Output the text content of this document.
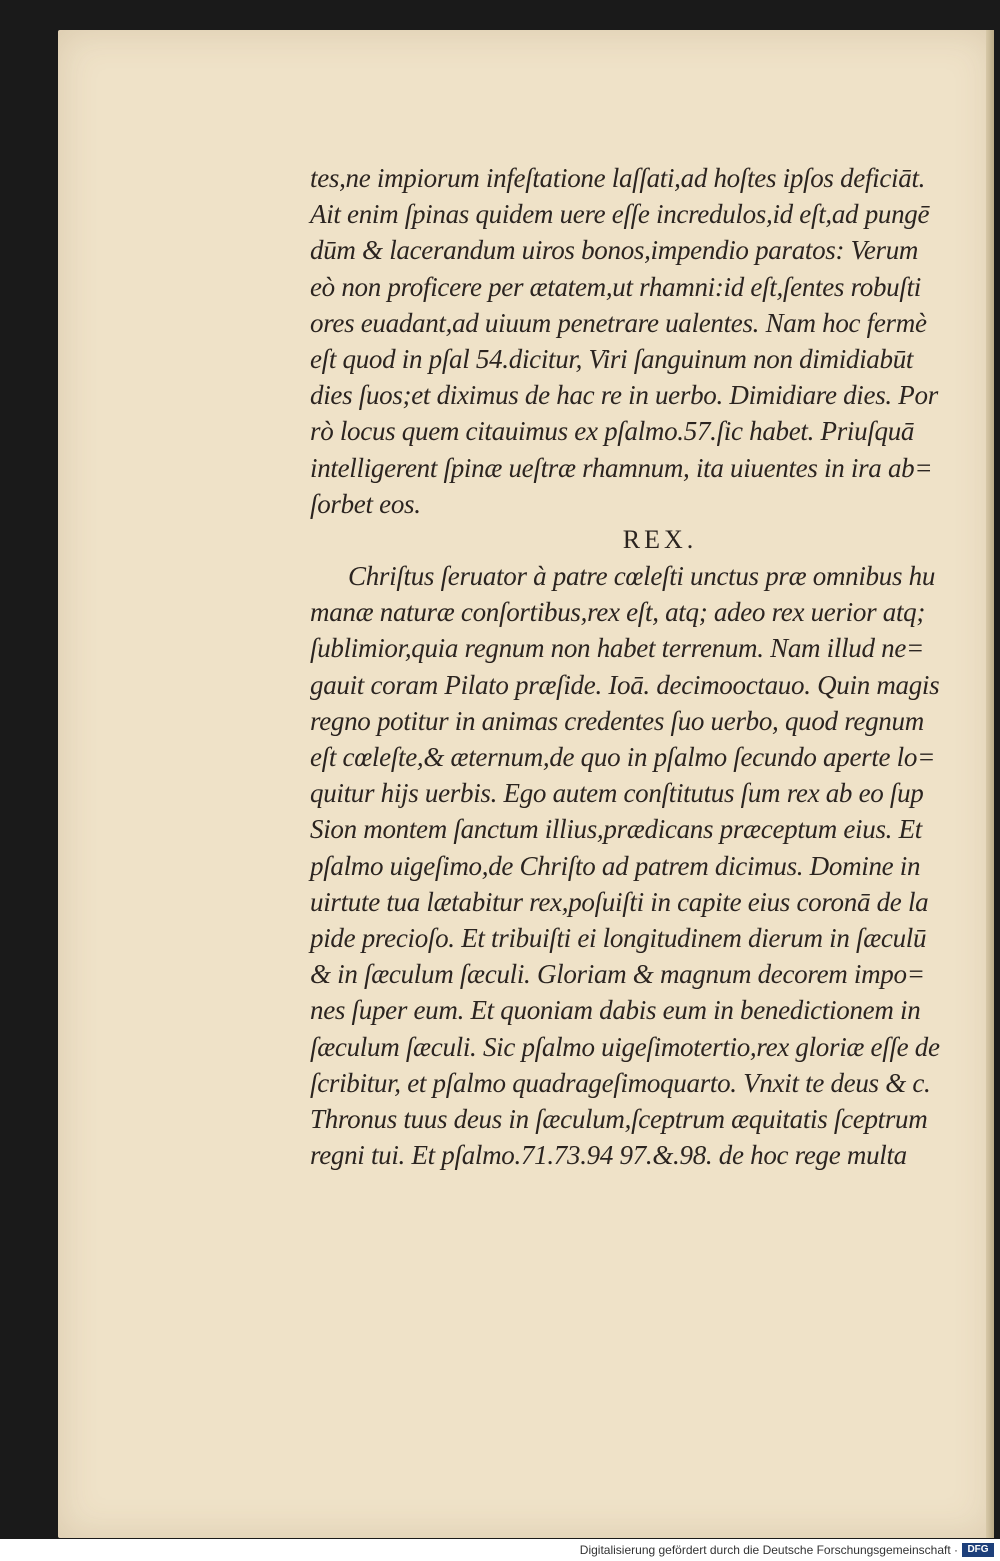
tes,ne impiorum infeſtatione laſſati,ad hoſtes ipſos deficiāt.
Ait enim ſpinas quidem uere eſſe incredulos,id eſt,ad pungē
dūm & lacerandum uiros bonos,impendio paratos: Verum
eò non proficere per ætatem,ut rhamni:id eſt,ſentes robuſti
ores euadant,ad uiuum penetrare ualentes. Nam hoc fermè
eſt quod in pſal 54.dicitur, Viri ſanguinum non dimidiabūt
dies ſuos;et diximus de hac re in uerbo. Dimidiare dies. Por
rò locus quem citauimus ex pſalmo.57.ſic habet. Priuſquā
intelligerent ſpinæ ueſtræ rhamnum, ita uiuentes in ira ab=
ſorbet eos.
REX.
Chriſtus ſeruator à patre cœleſti unctus præ omnibus hu
manæ naturæ conſortibus,rex eſt, atq; adeo rex uerior atq;
ſublimior,quia regnum non habet terrenum. Nam illud ne=
gauit coram Pilato præſide. Ioā. decimooctauo. Quin magis
regno potitur in animas credentes ſuo uerbo, quod regnum
eſt cœleſte,& æternum,de quo in pſalmo ſecundo aperte lo=
quitur hijs uerbis. Ego autem conſtitutus ſum rex ab eo ſup
Sion montem ſanctum illius,prædicans præceptum eius. Et
pſalmo uigeſimo,de Chriſto ad patrem dicimus. Domine in
uirtute tua lætabitur rex,poſuiſti in capite eius coronā de la
pide precioſo. Et tribuiſti ei longitudinem dierum in ſæculū
& in ſæculum ſæculi. Gloriam & magnum decorem impo=
nes ſuper eum. Et quoniam dabis eum in benedictionem in
ſæculum ſæculi. Sic pſalmo uigeſimotertio,rex gloriæ eſſe de
ſcribitur, et pſalmo quadrageſimoquarto. Vnxit te deus & c.
Thronus tuus deus in ſæculum,ſceptrum æquitatis ſceptrum
regni tui. Et pſalmo.71.73.94 97.&.98. de hoc rege multa
Digitalisierung gefördert durch die Deutsche Forschungsgemeinschaft · DFG
